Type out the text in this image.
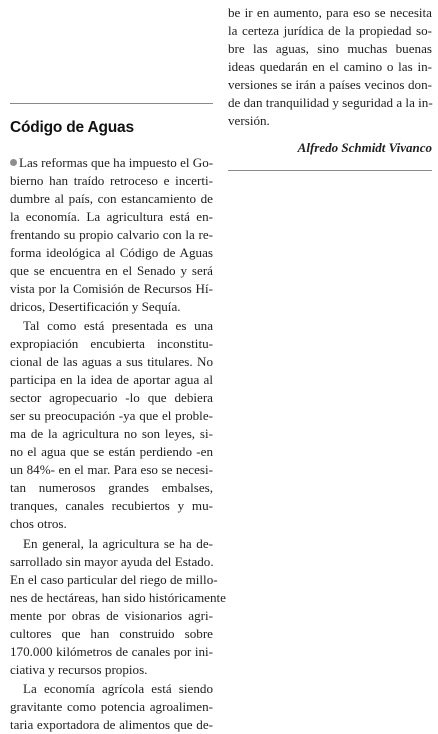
Código de Aguas
Las reformas que ha impuesto el Go-
bierno han traído retroceso e incerti-
dumbre al país, con estancamiento de
la economía. La agricultura está en-
frentando su propio calvario con la re-
forma ideológica al Código de Aguas
que se encuentra en el Senado y será
vista por la Comisión de Recursos Hí-
dricos, Desertificación y Sequía.
Tal como está presentada es una
expropiación encubierta inconstitu-
cional de las aguas a sus titulares. No
participa en la idea de aportar agua al
sector agropecuario -lo que debiera
ser su preocupación -ya que el proble-
ma de la agricultura no son leyes, si-
no el agua que se están perdiendo -en
un 84%- en el mar. Para eso se necesi-
tan numerosos grandes embalses,
tranques, canales recubiertos y mu-
chos otros.
En general, la agricultura se ha de-
sarrollado sin mayor ayuda del Estado.
En el caso particular del riego de millo-
nes de hectáreas, han sido históricamente
mente por obras de visionarios agri-
cultores que han construido sobre
170.000 kilómetros de canales por ini-
ciativa y recursos propios.
La economía agrícola está siendo
gravitante como potencia agroalimen-
taria exportadora de alimentos que de-
be ir en aumento, para eso se necesita
la certeza jurídica de la propiedad so-
bre las aguas, sino muchas buenas
ideas quedarán en el camino o las in-
versiones se irán a países vecinos don-
de dan tranquilidad y seguridad a la in-
versión.
Alfredo Schmidt Vivanco
